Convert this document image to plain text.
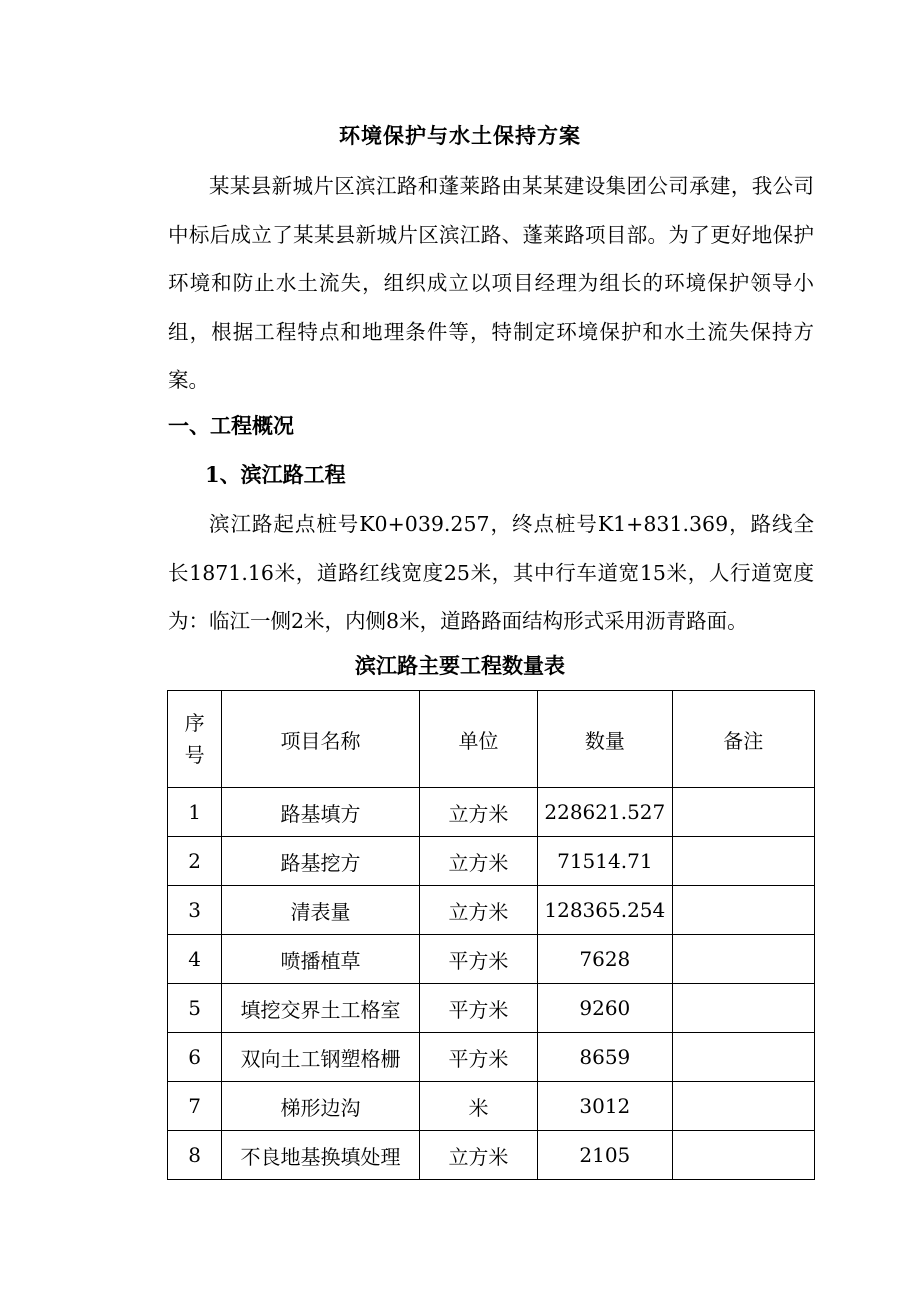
环境保护与水土保持方案

某某县新城片区滨江路和蓬莱路由某某建设集团公司承建，我公司中标后成立了某某县新城片区滨江路、蓬莱路项目部。为了更好地保护环境和防止水土流失，组织成立以项目经理为组长的环境保护领导小组，根据工程特点和地理条件等，特制定环境保护和水土流失保持方案。

一、工程概况
1、滨江路工程

滨江路起点桩号K0+039.257，终点桩号K1+831.369，路线全长1871.16米，道路红线宽度25米，其中行车道宽15米，人行道宽度为：临江一侧2米，内侧8米，道路路面结构形式采用沥青路面。

滨江路主要工程数量表
序
号	项目名称	单位	数量	备注
1	路基填方	立方米	228621.527	
2	路基挖方	立方米	71514.71	
3	清表量	立方米	128365.254	
4	喷播植草	平方米	7628	
5	填挖交界土工格室	平方米	9260	
6	双向土工钢塑格栅	平方米	8659	
7	梯形边沟	米	3012	
8	不良地基换填处理	立方米	2105	
